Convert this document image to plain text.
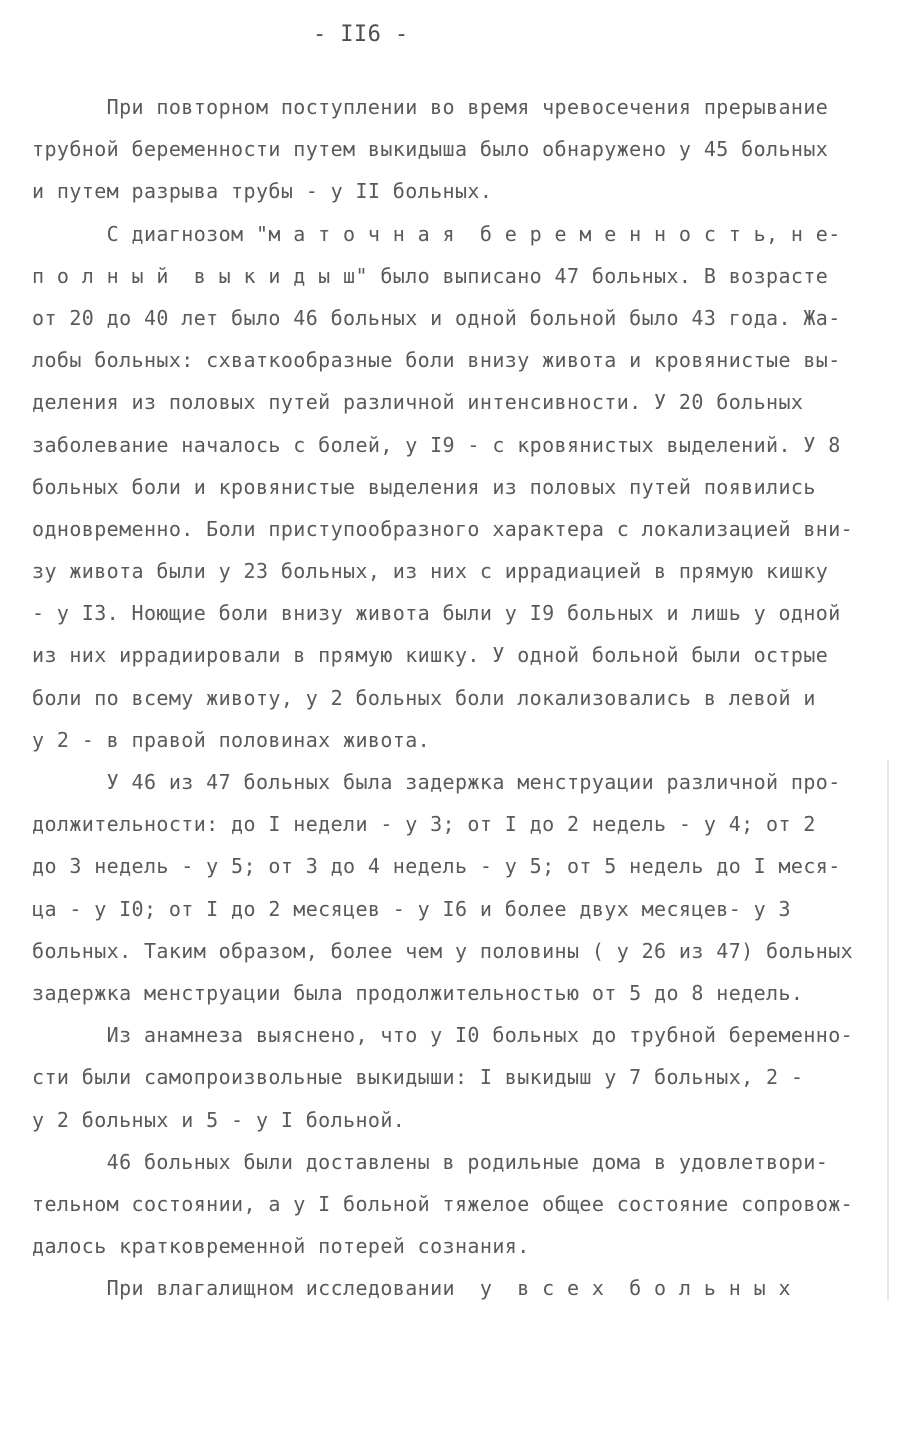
- II6 -
При повторном поступлении во время чревосечения прерывание
трубной беременности путем выкидыша было обнаружено у 45 больных
и путем разрыва трубы - у II больных.
С диагнозом "м а т о ч н а я  б е р е м е н н о с т ь, н е-
п о л н ы й  в ы к и д ы ш" было выписано 47 больных. В возрасте
от 20 до 40 лет было 46 больных и одной больной было 43 года. Жа-
лобы больных: схваткообразные боли внизу живота и кровянистые вы-
деления из половых путей различной интенсивности. У 20 больных
заболевание началось с болей, у I9 - с кровянистых выделений. У 8
больных боли и кровянистые выделения из половых путей появились
одновременно. Боли приступообразного характера с локализацией вни-
зу живота были у 23 больных, из них с иррадиацией в прямую кишку
- у I3. Ноющие боли внизу живота были у I9 больных и лишь у одной
из них иррадиировали в прямую кишку. У одной больной были острые
боли по всему животу, у 2 больных боли локализовались в левой и
у 2 - в правой половинах живота.
У 46 из 47 больных была задержка менструации различной про-
должительности: до I недели - у 3; от I до 2 недель - у 4; от 2
до 3 недель - у 5; от 3 до 4 недель - у 5; от 5 недель до I меся-
ца - у I0; от I до 2 месяцев - у I6 и более двух месяцев- у 3
больных. Таким образом, более чем у половины ( у 26 из 47) больных
задержка менструации была продолжительностью от 5 до 8 недель.
Из анамнеза выяснено, что у I0 больных до трубной беременно-
сти были самопроизвольные выкидыши: I выкидыш у 7 больных, 2 -
у 2 больных и 5 - у I больной.
46 больных были доставлены в родильные дома в удовлетвори-
тельном состоянии, а у I больной тяжелое общее состояние сопровож-
далось кратковременной потерей сознания.
При влагалищном исследовании  у  в с е х  б о л ь н ы х
